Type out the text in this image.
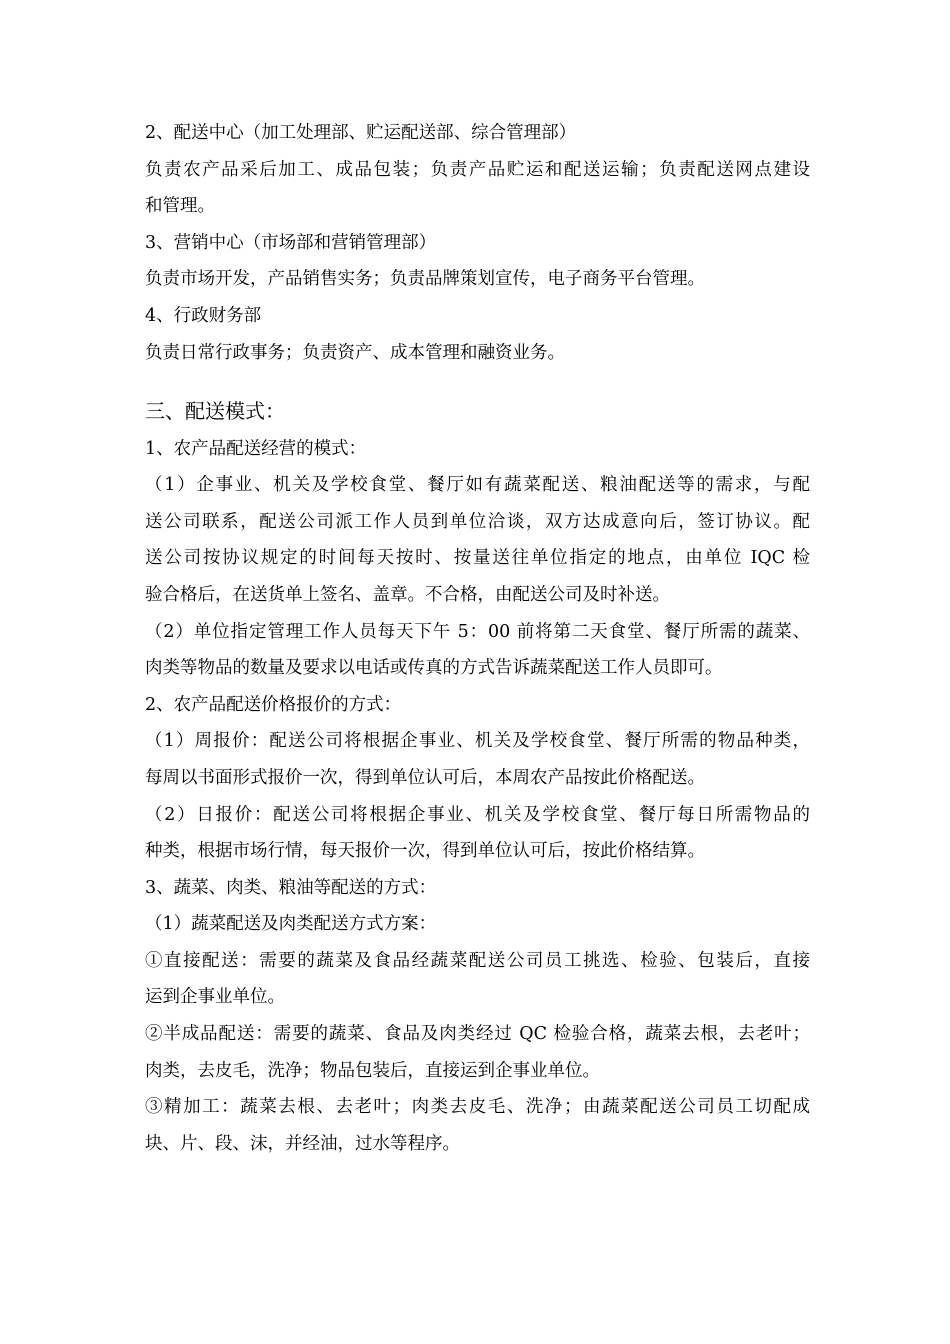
2、配送中心（加工处理部、贮运配送部、综合管理部）
负责农产品采后加工、成品包装；负责产品贮运和配送运输；负责配送网点建设
和管理。
3、营销中心（市场部和营销管理部）
负责市场开发，产品销售实务；负责品牌策划宣传，电子商务平台管理。
4、行政财务部
负责日常行政事务；负责资产、成本管理和融资业务。
三、配送模式：
1、农产品配送经营的模式：
（1）企事业、机关及学校食堂、餐厅如有蔬菜配送、粮油配送等的需求，与配
送公司联系，配送公司派工作人员到单位洽谈，双方达成意向后，签订协议。配
送公司按协议规定的时间每天按时、按量送往单位指定的地点，由单位 IQC 检
验合格后，在送货单上签名、盖章。不合格，由配送公司及时补送。
（2）单位指定管理工作人员每天下午 5：00 前将第二天食堂、餐厅所需的蔬菜、
肉类等物品的数量及要求以电话或传真的方式告诉蔬菜配送工作人员即可。
2、农产品配送价格报价的方式：
（1）周报价：配送公司将根据企事业、机关及学校食堂、餐厅所需的物品种类，
每周以书面形式报价一次，得到单位认可后，本周农产品按此价格配送。
（2）日报价：配送公司将根据企事业、机关及学校食堂、餐厅每日所需物品的
种类，根据市场行情，每天报价一次，得到单位认可后，按此价格结算。
3、蔬菜、肉类、粮油等配送的方式：
（1）蔬菜配送及肉类配送方式方案：
①直接配送：需要的蔬菜及食品经蔬菜配送公司员工挑选、检验、包装后，直接
运到企事业单位。
②半成品配送：需要的蔬菜、食品及肉类经过 QC 检验合格，蔬菜去根，去老叶；
肉类，去皮毛，洗净；物品包装后，直接运到企事业单位。
③精加工：蔬菜去根、去老叶；肉类去皮毛、洗净；由蔬菜配送公司员工切配成
块、片、段、沫，并经油，过水等程序。
